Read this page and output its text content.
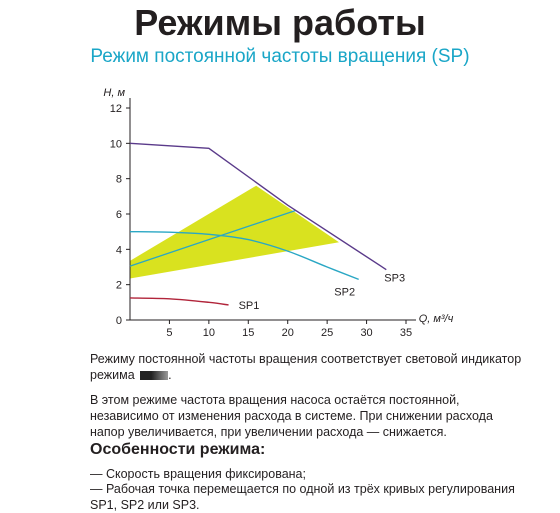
Режимы работы
Режим постоянной частоты вращения (SP)
0
2
4
6
8
10
12
5	10 15 20 25 30 35
H, м
Q, м³/ч
SP1
SP2
SP3
Режиму постоянной частоты вращения соответствует световой индикатор режима	.
В этом режиме частота вращения насоса остаётся постоянной, независимо от изменения расхода в системе. При снижении расхода напор увеличивается, при увеличении расхода — снижается.
Особенности режима:
— Скорость вращения фиксирована;
— Рабочая точка перемещается по одной из трёх кривых регулирования SP1, SP2 или SP3.
